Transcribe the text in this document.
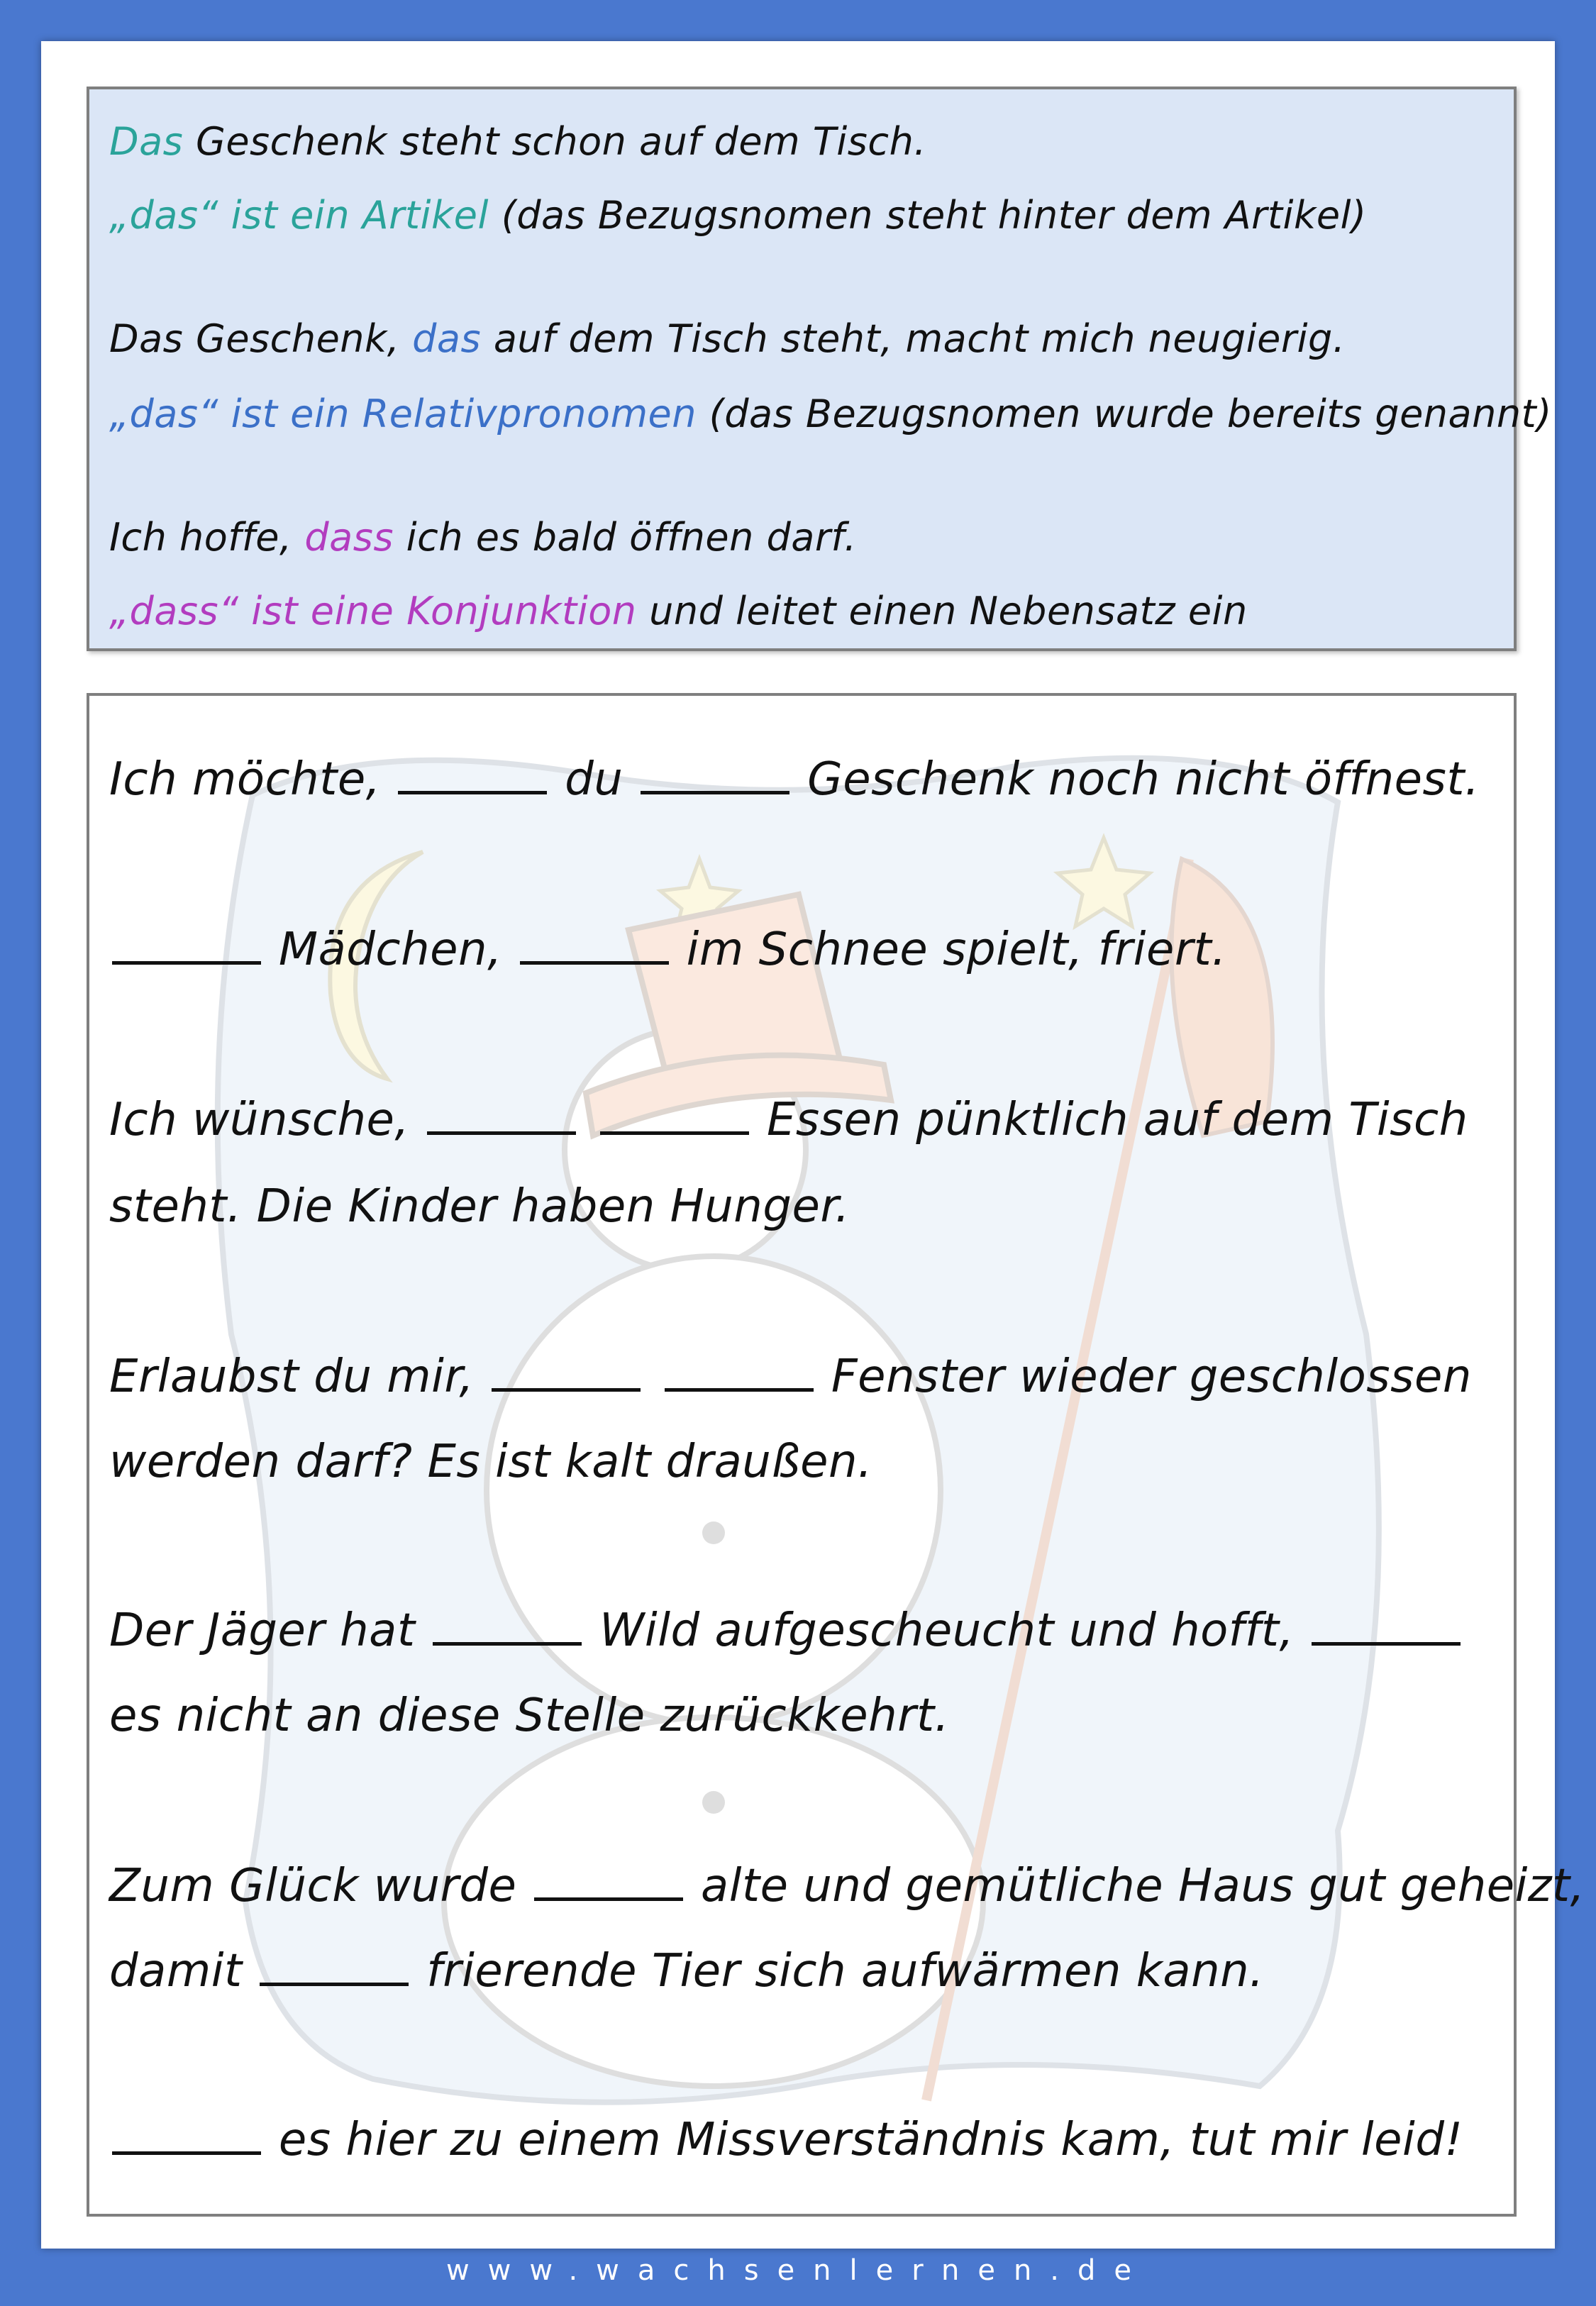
Das Geschenk steht schon auf dem Tisch.
„das“ ist ein Artikel (das Bezugsnomen steht hinter dem Artikel)
Das Geschenk, das auf dem Tisch steht, macht mich neugierig.
„das“ ist ein Relativpronomen (das Bezugsnomen wurde bereits genannt)
Ich hoffe, dass ich es bald öffnen darf.
„dass“ ist eine Konjunktion und leitet einen Nebensatz ein
Ich möchte,	du	Geschenk noch nicht öffnest.
Mädchen,	im Schnee spielt, friert.
Ich wünsche,	Essen pünktlich auf dem Tisch
steht. Die Kinder haben Hunger.
Erlaubst du mir,	Fenster wieder geschlossen
werden darf? Es ist kalt draußen.
Der Jäger hat	Wild aufgescheucht und hofft,
es nicht an diese Stelle zurückkehrt.
Zum Glück wurde	alte und gemütliche Haus gut geheizt,
damit	frierende Tier sich aufwärmen kann.
es hier zu einem Missverständnis kam, tut mir leid!
www.wachsenlernen.de
